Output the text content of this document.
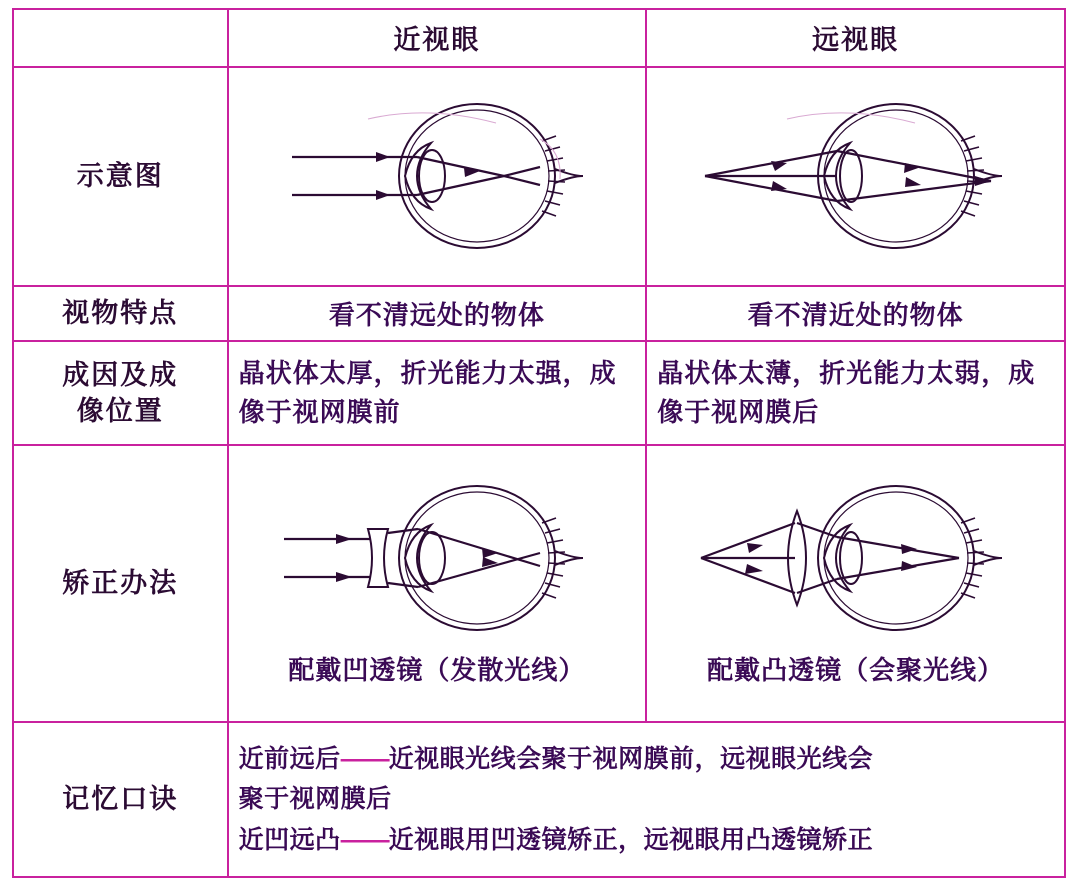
	近视眼	远视眼
示意图	

视物特点	看不清远处的物体	看不清近处的物体

成因及成
像位置	晶状体太厚，折光能力太强，成像于视网膜前	晶状体太薄，折光能力太弱，成像于视网膜后
矫正办法	配戴凹透镜（发散光线）	配戴凸透镜（会聚光线）

记忆口诀	近前远后——近视眼光线会聚于视网膜前，远视眼光线会
聚于视网膜后
近凹远凸——近视眼用凹透镜矫正，远视眼用凸透镜矫正	
